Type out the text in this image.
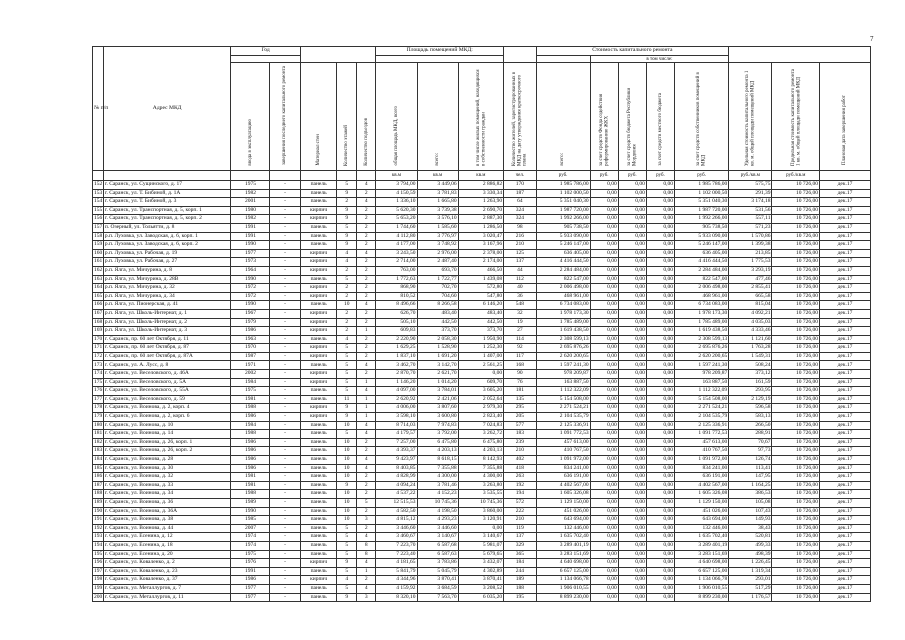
7
№ п/п	Адрес МКД	Год					Площадь помещений МКД:				Стоимость капитального ремонта							
												в том числе:						
		ввода в эксплуатацию	завершения последнего капитального ремонта	Материал стен	Количество этажей	Количество подъездов	общая площадь МКД, всего	всего:	в том числе жилых помещений, находящихся в собственности граждан	Количество жителей, зарегистрированных в МКД на дату утверждения краткосрочного плана	всего:	за счет средств Фонда содействия реформированию ЖКХ	за счет средств бюджета Республики Мордовия	за счет средств местного бюджета	за счет средств собственников помещений в МКД	Удельная стоимость капитального ремонта 1 кв. м. общей площади помещений МКД	Предельная стоимость капитального ремонта 1 кв. м. общей площади помещений МКД	Плановая дата завершения работ
							кв.м	кв.м	кв.м	чел.	руб.	руб.	руб.	руб.	руб.	руб./кв.м	руб./кв.м	
152	г. Саранск, ул. Сущинского, д. 17	1975	-	панель	5	4	3 794,00	3 449,06	2 886,82	170	1 985 786,00	0,00	0,00	0,00	1 985 786,00	575,75	10 726,00	дек.17
153	г. Саранск, ул. Т. Бибиной, д. 1А	1982	-	панель	9	2	4 150,59	3 781,83	3 330,34	187	1 102 000,50	0,00	0,00	0,00	1 102 000,50	291,39	10 726,00	дек.17
154	г. Саранск, ул. Т. Бибиной, д. 3	2001	-	панель	2	4	1 336,10	1 665,80	1 263,90	64	5 351 040,30	0,00	0,00	0,00	5 351 040,30	3 174,18	10 726,00	дек.17
155	г. Саранск, ул. Транспортная, д. 5, корп. 1	1980	-	кирпич	9	2	5 620,30	3 739,38	2 690,70	324	1 987 720,00	0,00	0,00	0,00	1 987 720,00	531,56	10 726,00	дек.17
156	г. Саранск, ул. Транспортная, д. 5, корп. 2	1982	-	кирпич	9	2	5 653,20	3 576,10	2 887,30	324	1 992 266,00	0,00	0,00	0,00	1 992 266,00	557,11	10 726,00	дек.17
157	п. Озерный, ул. Тольятти, д. 8	1991	-	панель	5	2	1 744,60	1 585,60	1 286,50	98	905 738,50	0,00	0,00	0,00	905 738,50	571,23	10 726,00	дек.17
158	р.п. Луховка, ул. Заводская, д. 6, корп. 1	1991	-	панель	9	2	4 112,80	3 776,97	3 020,47	216	5 933 090,00	0,00	0,00	0,00	5 933 090,00	1 570,86	10 726,00	дек.17
159	р.п. Луховка, ул. Заводская, д. 6, корп. 2	1990	-	панель	9	2	4 177,00	3 748,92	3 167,96	210	5 246 147,00	0,00	0,00	0,00	5 246 147,00	1 399,38	10 726,00	дек.17
160	р.п. Луховка, ул. Рабочая, д. 19	1977	-	кирпич	4	4	3 243,50	2 976,00	2 378,00	125	636 405,00	0,00	0,00	0,00	636 405,00	213,85	10 726,00	дек.17
161	р.п. Луховка, ул. Рабочая, д. 27	1973	-	кирпич	4	2	2 714,00	2 487,40	2 174,00	137	4 416 444,50	0,00	0,00	0,00	4 416 444,50	1 775,53	10 726,00	дек.17
162	р.п. Ялга, ул. Мичурина, д. 8	1964	-	кирпич	2	2	763,00	693,70	466,50	44	2 284 484,00	0,00	0,00	0,00	2 284 484,00	3 293,19	10 726,00	дек.17
163	р.п. Ялга, ул. Мичурина, д. 28В	1990	-	панель	5	2	1 772,63	1 722,77	1 439,08	112	822 547,00	0,00	0,00	0,00	822 547,00	477,46	10 726,00	дек.17
164	р.п. Ялга, ул. Мичурина, д. 32	1972	-	кирпич	2	2	868,90	702,70	572,80	40	2 006 498,00	0,00	0,00	0,00	2 006 498,00	2 855,41	10 726,00	дек.17
165	р.п. Ялга, ул. Мичурина, д. 34	1972	-	кирпич	2	2	810,52	704,60	547,80	36	468 961,00	0,00	0,00	0,00	468 961,00	665,58	10 726,00	дек.17
166	р.п. Ялга, ул. Пионерская, д. 41	1990	-	панель	10	4	8 496,66	8 266,58	6 146,20	548	6 734 083,00	0,00	0,00	0,00	6 734 083,00	815,04	10 726,00	дек.17
167	р.п. Ялга, ул. Школь-Интернат, д. 1	1967	-	кирпич	2	2	626,70	483,40	483,40	32	1 978 173,30	0,00	0,00	0,00	1 978 173,30	4 092,21	10 726,00	дек.17
168	р.п. Ялга, ул. Школь-Интернат, д. 2	1979	-	кирпич	2	2	505,10	442,50	442,50	19	1 785 489,00	0,00	0,00	0,00	1 785 489,00	4 035,03	10 726,00	дек.17
169	р.п. Ялга, ул. Школь-Интернат, д. 3	1986	-	кирпич	2	1	609,83	373,70	373,70	27	1 619 438,50	0,00	0,00	0,00	1 619 438,50	4 333,46	10 726,00	дек.17
170	г. Саранск, пр. 60 лет Октября, д. 11	1963	-	панель	4	2	2 220,90	2 058,30	1 950,90	114	2 308 599,13	0,00	0,00	0,00	2 308 599,13	1 121,60	10 726,00	дек.17
171	г. Саранск, пр. 60 лет Октября, д. 87	1970	-	кирпич	5	2	1 629,25	1 528,90	1 252,30	92	2 695 876,26	0,00	0,00	0,00	2 695 876,26	1 763,28	10 726,00	дек.17
172	г. Саранск, пр. 60 лет Октября, д. 87А	1987	-	кирпич	5	2	1 837,10	1 691,20	1 407,00	117	2 620 200,65	0,00	0,00	0,00	2 620 200,65	1 549,31	10 726,00	дек.17
173	г. Саранск, ул. А. Лусс, д. 8	1971	-	панель	5	4	3 462,70	3 142,70	2 561,25	168	1 597 241,30	0,00	0,00	0,00	1 597 241,30	508,24	10 726,00	дек.17
174	г. Саранск, ул. Веселовского, д. 46А	2002	-	кирпич	5	2	2 870,70	2 621,70	0,00	90	978 209,87	0,00	0,00	0,00	978 209,87	373,12	10 726,00	дек.17
175	г. Саранск, ул. Веселовского, д. 5А	1984	-	кирпич	5	1	1 146,20	1 014,20	609,70	76	163 887,50	0,00	0,00	0,00	163 887,50	161,59	10 726,00	дек.17
176	г. Саранск, ул. Веселовского, д. 55А	1975	-	панель	5	4	4 097,00	3 784,01	3 605,20	181	1 112 322,09	0,00	0,00	0,00	1 112 322,09	293,95	10 726,00	дек.17
177	г. Саранск, ул. Веселовского, д. 59	1981	-	панель	11	1	2 620,92	2 421,06	2 052,64	135	5 154 508,00	0,00	0,00	0,00	5 154 508,00	2 129,19	10 726,00	дек.17
178	г. Саранск, ул. Воинова, д. 2, корп. 4	1988	-	кирпич	9	1	4 006,00	3 807,60	2 979,30	295	2 271 524,21	0,00	0,00	0,00	2 271 524,21	596,58	10 726,00	дек.17
179	г. Саранск, ул. Воинова, д. 2, корп. 6	1986	-	кирпич	9	1	3 598,10	3 600,80	2 823,40	205	2 104 535,79	0,00	0,00	0,00	2 104 535,79	583,13	10 726,00	дек.17
180	г. Саранск, ул. Воинова, д. 10	1984	-	панель	10	4	8 714,03	7 974,83	7 024,83	577	2 125 336,91	0,00	0,00	0,00	2 125 336,91	266,50	10 726,00	дек.17
181	г. Саранск, ул. Воинова, д. 14	1988	-	панель	5	4	4 179,57	3 792,00	3 262,72	183	1 091 772,53	0,00	0,00	0,00	1 091 772,53	288,91	10 726,00	дек.17
182	г. Саранск, ул. Воинова, д. 26, корп. 1	1986	-	панель	10	2	7 257,00	6 475,80	6 475,80	239	457 613,00	0,00	0,00	0,00	457 613,00	70,67	10 726,00	дек.17
183	г. Саранск, ул. Воинова, д. 26, корп. 2	1986	-	панель	10	2	4 393,37	4 203,13	4 203,13	210	410 767,50	0,00	0,00	0,00	410 767,50	97,73	10 726,00	дек.17
184	г. Саранск, ул. Воинова, д. 28	1986	-	панель	10	4	9 423,97	8 618,15	8 142,93	402	1 091 972,00	0,00	0,00	0,00	1 091 972,00	126,74	10 726,00	дек.17
185	г. Саранск, ул. Воинова, д. 30	1986	-	панель	10	4	8 403,85	7 355,88	7 355,88	418	834 241,00	0,00	0,00	0,00	834 241,00	113,41	10 726,00	дек.17
186	г. Саранск, ул. Воинова, д. 32	1981	-	панель	10	2	4 828,99	4 300,00	4 300,00	263	636 191,00	0,00	0,00	0,00	636 191,00	147,95	10 726,00	дек.17
187	г. Саранск, ул. Воинова, д. 33	1981	-	панель	9	2	4 094,24	3 781,46	3 263,80	192	4 402 567,00	0,00	0,00	0,00	4 402 567,00	1 164,25	10 726,00	дек.17
188	г. Саранск, ул. Воинова, д. 34	1988	-	панель	10	2	4 537,22	4 152,23	3 535,55	194	1 605 326,08	0,00	0,00	0,00	1 605 326,08	386,53	10 726,00	дек.17
189	г. Саранск, ул. Воинова, д. 36	1989	-	панель	10	5	12 515,53	10 745,36	10 745,36	572	1 129 150,00	0,00	0,00	0,00	1 129 150,00	105,08	10 726,00	дек.17
190	г. Саранск, ул. Воинова, д. 36А	1990	-	панель	10	2	4 582,50	4 198,50	3 860,00	222	451 026,00	0,00	0,00	0,00	451 026,00	107,43	10 726,00	дек.17
191	г. Саранск, ул. Воинова, д. 38	1985	-	панель	10	3	4 815,12	4 293,23	3 120,91	210	643 694,00	0,00	0,00	0,00	643 694,00	149,93	10 726,00	дек.17
192	г. Саранск, ул. Воинова, д. 44	2007	-	панель	5	2	3 446,60	3 446,60	0,00	119	132 446,00	0,00	0,00	0,00	132 446,00	38,43	10 726,00	дек.17
193	г. Саранск, ул. Есенина, д. 12	1974	-	панель	5	4	3 460,67	3 140,67	3 140,67	137	1 635 702,40	0,00	0,00	0,00	1 635 702,40	520,81	10 726,00	дек.17
194	г. Саранск, ул. Есенина, д. 18	1974	-	панель	5	8	7 223,70	6 587,68	5 981,07	329	3 289 401,19	0,00	0,00	0,00	3 289 401,19	499,33	10 726,00	дек.17
195	г. Саранск, ул. Есенина, д. 20	1975	-	панель	5	8	7 223,40	6 587,63	5 679,65	365	3 283 151,69	0,00	0,00	0,00	3 283 151,69	498,39	10 726,00	дек.17
196	г. Саранск, ул. Коваленко, д. 2	1976	-	кирпич	9	4	4 181,65	3 783,86	3 432,07	184	4 640 698,00	0,00	0,00	0,00	4 640 698,00	1 226,45	10 726,00	дек.17
197	г. Саранск, ул. Коваленко, д. 23	1991	-	панель	5	1	5 841,79	5 045,79	4 302,89	244	6 657 125,00	0,00	0,00	0,00	6 657 125,00	1 319,34	10 726,00	дек.17
198	г. Саранск, ул. Коваленко, д. 37	1986	-	кирпич	4	2	4 344,96	3 870,41	3 870,41	189	1 134 066,78	0,00	0,00	0,00	1 134 066,78	293,01	10 726,00	дек.17
199	г. Саранск, ул. Металлургов, д. 7	1977	-	панель	5	4	4 159,92	3 684,59	3 208,52	188	1 906 010,55	0,00	0,00	0,00	1 906 010,55	517,29	10 726,00	дек.17
200	г. Саранск, ул. Металлургов, д. 11	1977	-	панель	9	3	8 320,10	7 563,70	6 035,20	195	8 899 230,00	0,00	0,00	0,00	8 899 230,00	1 176,57	10 726,00	дек.17
